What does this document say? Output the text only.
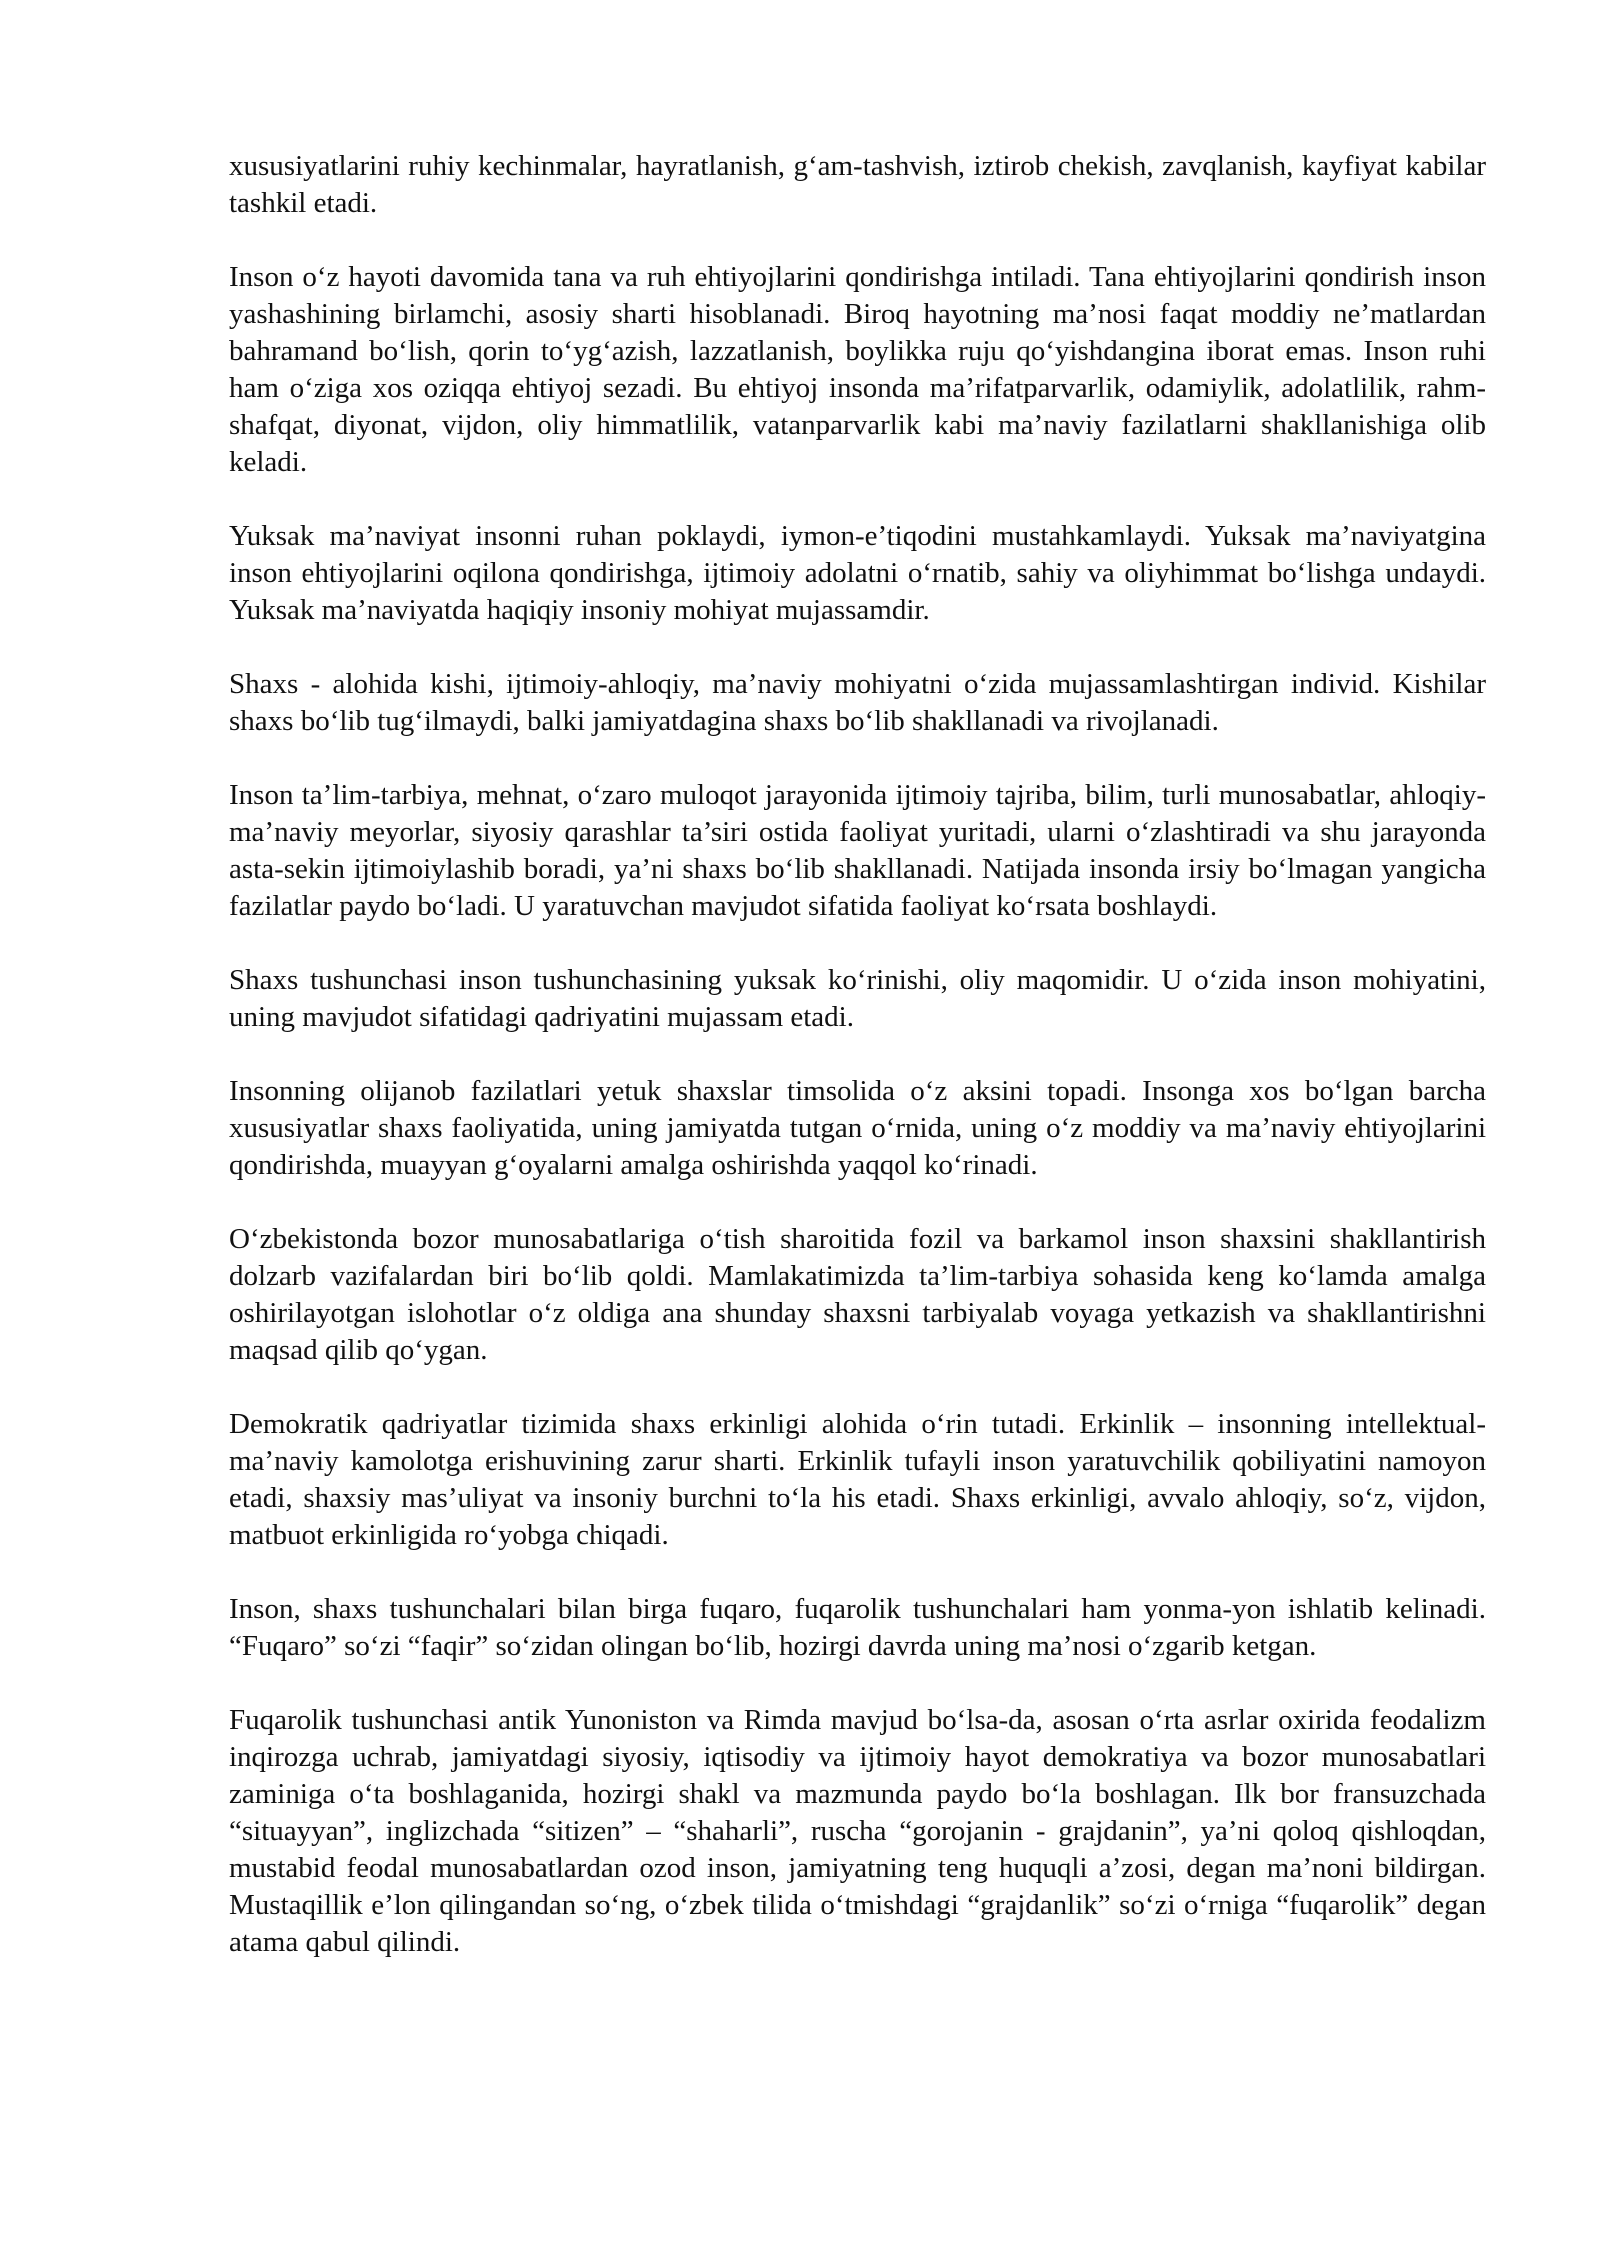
xususiyatlarini ruhiy kechinmalar, hayratlanish, g‘am-tashvish, iztirob chekish, zavqlanish, kayfiyat kabilar tashkil etadi.

Inson o‘z hayoti davomida tana va ruh ehtiyojlarini qondirishga intiladi. Tana ehtiyojlarini qondirish inson yashashining birlamchi, asosiy sharti hisoblanadi. Biroq hayotning ma’nosi faqat moddiy ne’matlardan bahramand bo‘lish, qorin to‘yg‘azish, lazzatlanish, boylikka ruju qo‘yishdangina iborat emas. Inson ruhi ham o‘ziga xos oziqqa ehtiyoj sezadi. Bu ehtiyoj insonda ma’rifatparvarlik, odamiylik, adolatlilik, rahm-shafqat, diyonat, vijdon, oliy himmatlilik, vatanparvarlik kabi ma’naviy fazilatlarni shakllanishiga olib keladi.

Yuksak ma’naviyat insonni ruhan poklaydi, iymon-e’tiqodini mustahkamlaydi. Yuksak ma’naviyatgina inson ehtiyojlarini oqilona qondirishga, ijtimoiy adolatni o‘rnatib, sahiy va oliyhimmat bo‘lishga undaydi. Yuksak ma’naviyatda haqiqiy insoniy mohiyat mujassamdir.

Shaxs - alohida kishi, ijtimoiy-ahloqiy, ma’naviy mohiyatni o‘zida mujassamlashtirgan individ. Kishilar shaxs bo‘lib tug‘ilmaydi, balki jamiyatdagina shaxs bo‘lib shakllanadi va rivojlanadi.

Inson ta’lim-tarbiya, mehnat, o‘zaro muloqot jarayonida ijtimoiy tajriba, bilim, turli munosabatlar, ahloqiy-ma’naviy meyorlar, siyosiy qarashlar ta’siri ostida faoliyat yuritadi, ularni o‘zlashtiradi va shu jarayonda asta-sekin ijtimoiylashib boradi, ya’ni shaxs bo‘lib shakllanadi. Natijada insonda irsiy bo‘lmagan yangicha fazilatlar paydo bo‘ladi. U yaratuvchan mavjudot sifatida faoliyat ko‘rsata boshlaydi.

Shaxs tushunchasi inson tushunchasining yuksak ko‘rinishi, oliy maqomidir. U o‘zida inson mohiyatini, uning mavjudot sifatidagi qadriyatini mujassam etadi.

Insonning olijanob fazilatlari yetuk shaxslar timsolida o‘z aksini topadi. Insonga xos bo‘lgan barcha xususiyatlar shaxs faoliyatida, uning jamiyatda tutgan o‘rnida, uning o‘z moddiy va ma’naviy ehtiyojlarini qondirishda, muayyan g‘oyalarni amalga oshirishda yaqqol ko‘rinadi.

O‘zbekistonda bozor munosabatlariga o‘tish sharoitida fozil va barkamol inson shaxsini shakllantirish dolzarb vazifalardan biri bo‘lib qoldi. Mamlakatimizda ta’lim-tarbiya sohasida keng ko‘lamda amalga oshirilayotgan islohotlar o‘z oldiga ana shunday shaxsni tarbiyalab voyaga yetkazish va shakllantirishni maqsad qilib qo‘ygan.

Demokratik qadriyatlar tizimida shaxs erkinligi alohida o‘rin tutadi. Erkinlik – insonning intellektual-ma’naviy kamolotga erishuvining zarur sharti. Erkinlik tufayli inson yaratuvchilik qobiliyatini namoyon etadi, shaxsiy mas’uliyat va insoniy burchni to‘la his etadi. Shaxs erkinligi, avvalo ahloqiy, so‘z, vijdon, matbuot erkinligida ro‘yobga chiqadi.

Inson, shaxs tushunchalari bilan birga fuqaro, fuqarolik tushunchalari ham yonma-yon ishlatib kelinadi. “Fuqaro” so‘zi “faqir” so‘zidan olingan bo‘lib, hozirgi davrda uning ma’nosi o‘zgarib ketgan.

Fuqarolik tushunchasi antik Yunoniston va Rimda mavjud bo‘lsa-da, asosan o‘rta asrlar oxirida feodalizm inqirozga uchrab, jamiyatdagi siyosiy, iqtisodiy va ijtimoiy hayot demokratiya va bozor munosabatlari zaminiga o‘ta boshlaganida, hozirgi shakl va mazmunda paydo bo‘la boshlagan. Ilk bor fransuzchada “situayyan”, inglizchada “sitizen” – “shaharli”, ruscha “gorojanin - grajdanin”, ya’ni qoloq qishloqdan, mustabid feodal munosabatlardan ozod inson, jamiyatning teng huquqli a’zosi, degan ma’noni bildirgan. Mustaqillik e’lon qilingandan so‘ng, o‘zbek tilida o‘tmishdagi “grajdanlik” so‘zi o‘rniga “fuqarolik” degan atama qabul qilindi.
